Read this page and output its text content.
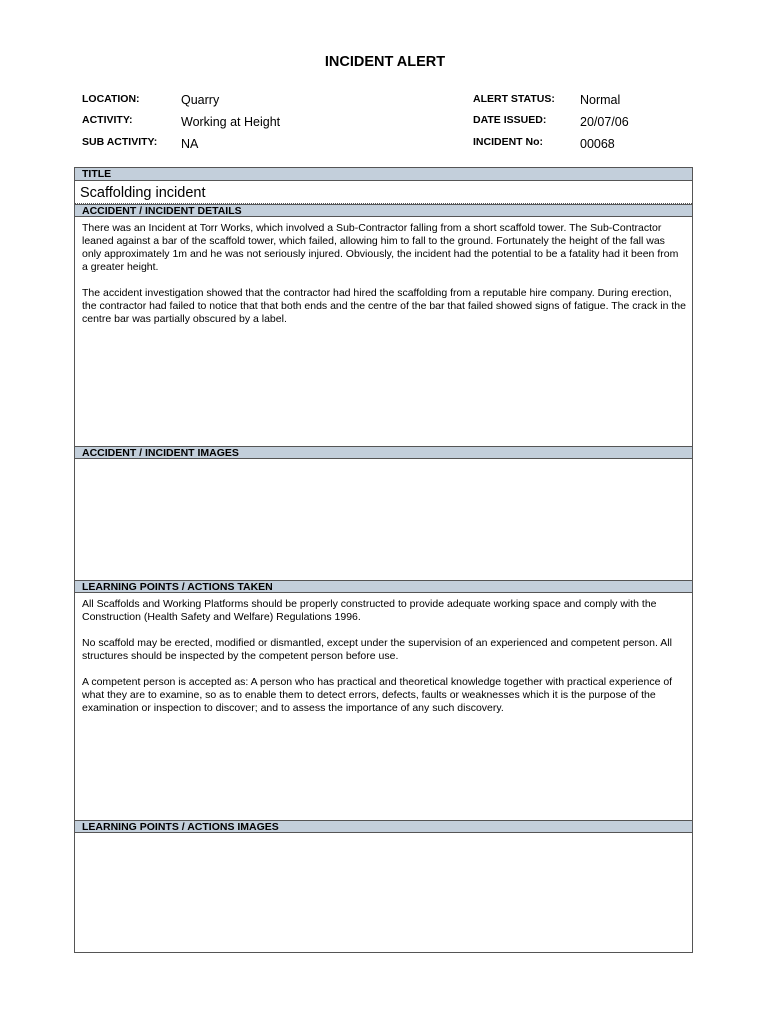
INCIDENT ALERT
LOCATION:	Quarry
ACTIVITY:	Working at Height
SUB ACTIVITY: NA
ALERT STATUS: Normal
DATE ISSUED:	20/07/06
INCIDENT No:	00068
TITLE
Scaffolding incident
ACCIDENT / INCIDENT DETAILS

There was an Incident at Torr Works, which involved a Sub-Contractor falling from a short scaffold tower. The Sub-Contractor leaned against a bar of the scaffold tower, which failed, allowing him to fall to the ground. Fortunately the height of the fall was only approximately 1m and he was not seriously injured. Obviously, the incident had the potential to be a fatality had it been from a greater height.

The accident investigation showed that the contractor had hired the scaffolding from a reputable hire company. During erection, the contractor had failed to notice that that both ends and the centre of the bar that failed showed signs of fatigue. The crack in the centre bar was partially obscured by a label.

ACCIDENT / INCIDENT IMAGES
LEARNING POINTS / ACTIONS TAKEN

All Scaffolds and Working Platforms should be properly constructed to provide adequate working space and comply with the Construction (Health Safety and Welfare) Regulations 1996.

No scaffold may be erected, modified or dismantled, except under the supervision of an experienced and competent person. All structures should be inspected by the competent person before use.

A competent person is accepted as: A person who has practical and theoretical knowledge together with practical experience of what they are to examine, so as to enable them to detect errors, defects, faults or weaknesses which it is the purpose of the examination or inspection to discover; and to assess the importance of any such discovery.

LEARNING POINTS / ACTIONS IMAGES
